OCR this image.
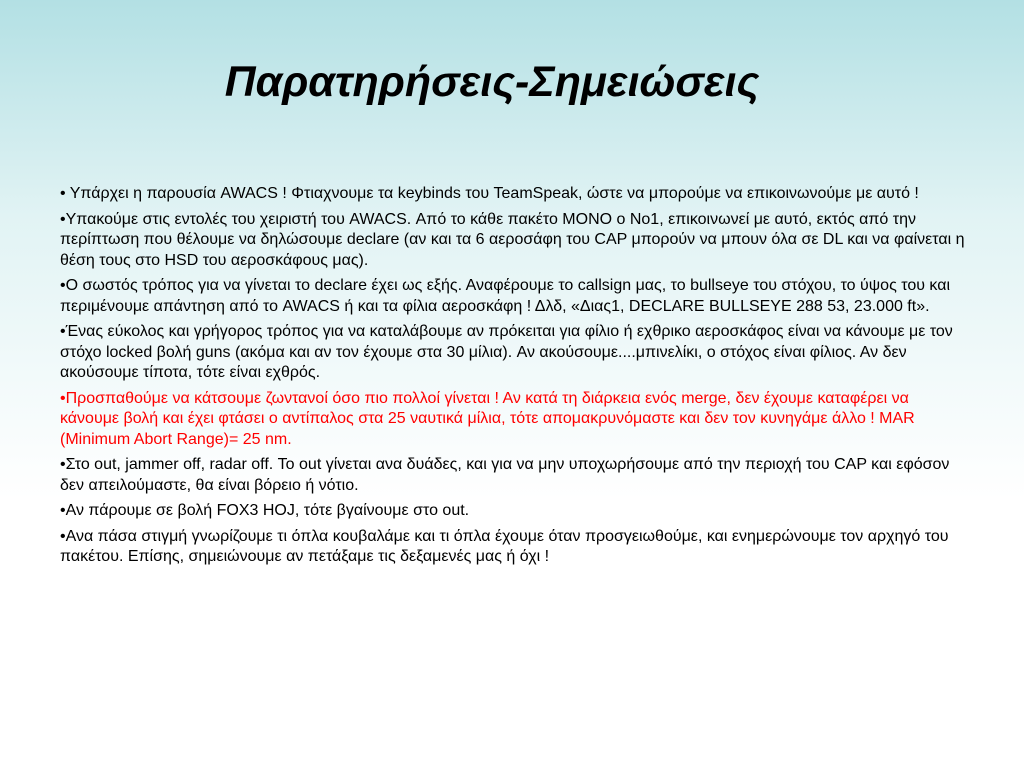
Παρατηρήσεις-Σημειώσεις
• Υπάρχει η παρουσία AWACS ! Φτιαχνουμε τα keybinds του TeamSpeak, ώστε να μπορούμε να επικοινωνούμε με αυτό !
•Υπακούμε στις εντολές του χειριστή του AWACS. Από το κάθε πακέτο MONO ο No1, επικοινωνεί με αυτό, εκτός από την περίπτωση που θέλουμε να δηλώσουμε declare (αν και τα 6 αεροσάφη του CAP μπορούν να μπουν όλα σε DL και να φαίνεται η θέση τους στο HSD του αεροσκάφους μας).
•O σωστός τρόπος για να γίνεται το declare έχει ως εξής. Αναφέρουμε το callsign μας, το bullseye του στόχου, το ύψος του και περιμένουμε απάντηση από το AWACS ή και τα φίλια αεροσκάφη ! Δλδ, «Διας1, DECLARE BULLSEYE 288 53, 23.000 ft».
•Ένας εύκολος και γρήγορος τρόπος για να καταλάβουμε αν πρόκειται για φίλιο ή εχθρικο αεροσκάφος είναι να κάνουμε με τον στόχο locked βολή guns (ακόμα και αν τον έχουμε στα 30 μίλια). Αν ακούσουμε....μπινελίκι, ο στόχος είναι φίλιος. Αν δεν ακούσουμε τίποτα, τότε είναι εχθρός.
•Προσπαθούμε να κάτσουμε ζωντανοί όσο πιο πολλοί γίνεται ! Αν κατά τη διάρκεια ενός merge, δεν έχουμε καταφέρει να κάνουμε βολή και έχει φτάσει ο αντίπαλος στα 25 ναυτικά μίλια, τότε απομακρυνόμαστε και δεν τον κυνηγάμε άλλο ! MAR (Minimum Abort Range)= 25 nm.
•Στο out, jammer off, radar off. Το out γίνεται ανα δυάδες, και για να μην υποχωρήσουμε από την περιοχή του CAP και εφόσον δεν απειλούμαστε, θα είναι βόρειο ή νότιο.
•Αν πάρουμε σε βολή FOX3 HOJ, τότε βγαίνουμε στο out.
•Ανα πάσα στιγμή γνωρίζουμε τι όπλα κουβαλάμε και τι όπλα έχουμε όταν προσγειωθούμε, και ενημερώνουμε τον αρχηγό του πακέτου. Επίσης, σημειώνουμε αν πετάξαμε τις δεξαμενές μας ή όχι !
